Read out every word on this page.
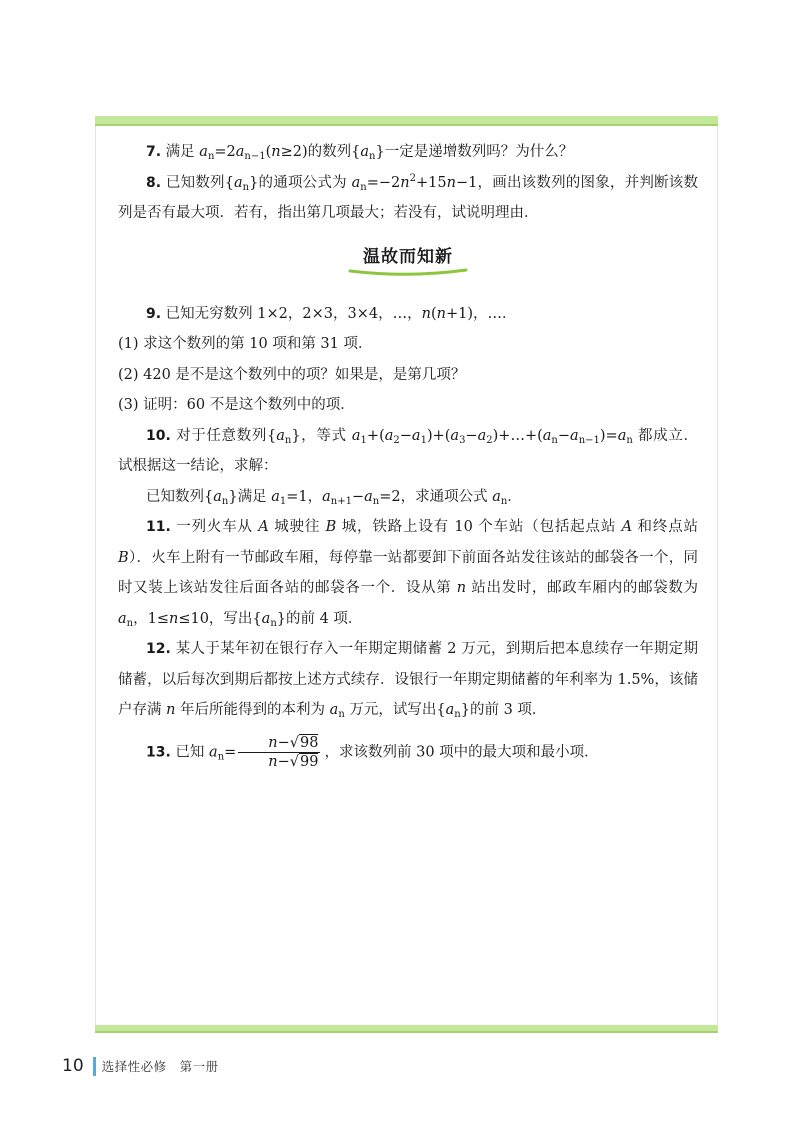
7. 满足 $a_n=2a_{n-1}(n\ge 2)$的数列$\{a_n\}$一定是递增数列吗？为什么？

8. 已知数列$\{a_n\}$的通项公式为 $a_n=-2n^2+15n-1$，画出该数列的图象，并判断该数列是否有最大项．若有，指出第几项最大；若没有，试说明理由．

温故而知新

9. 已知无穷数列 1×2，2×3，3×4，…，n(n+1)，…．

(1) 求这个数列的第 10 项和第 31 项．

(2) 420 是不是这个数列中的项？如果是，是第几项？

(3) 证明：60 不是这个数列中的项．

10. 对于任意数列$\{a_n\}$，等式 $a_1+(a_2-a_1)+(a_3-a_2)+\dots+(a_n-a_{n-1})=a_n$ 都成立．试根据这一结论，求解：

已知数列$\{a_n\}$满足 $a_1=1$，$a_{n+1}-a_n=2$，求通项公式 $a_n$．

11. 一列火车从 A 城驶往 B 城，铁路上设有 10 个车站（包括起点站 A 和终点站 B）．火车上附有一节邮政车厢，每停靠一站都要卸下前面各站发往该站的邮袋各一个，同时又装上该站发往后面各站的邮袋各一个．设从第 n 站出发时，邮政车厢内的邮袋数为 $a_n$，1≤n≤10，写出$\{a_n\}$的前 4 项．

12. 某人于某年初在银行存入一年期定期储蓄 2 万元，到期后把本息续存一年期定期储蓄，以后每次到期后都按上述方式续存．设银行一年期定期储蓄的年利率为 1.5%，该储户存满 n 年后所能得到的本利为 $a_n$ 万元，试写出$\{a_n\}$的前 3 项．

13. 已知 $a_n= \frac{n-√98}{n-√99}$ ，求该数列前 30 项中的最大项和最小项．

10 选择性必修　第一册
